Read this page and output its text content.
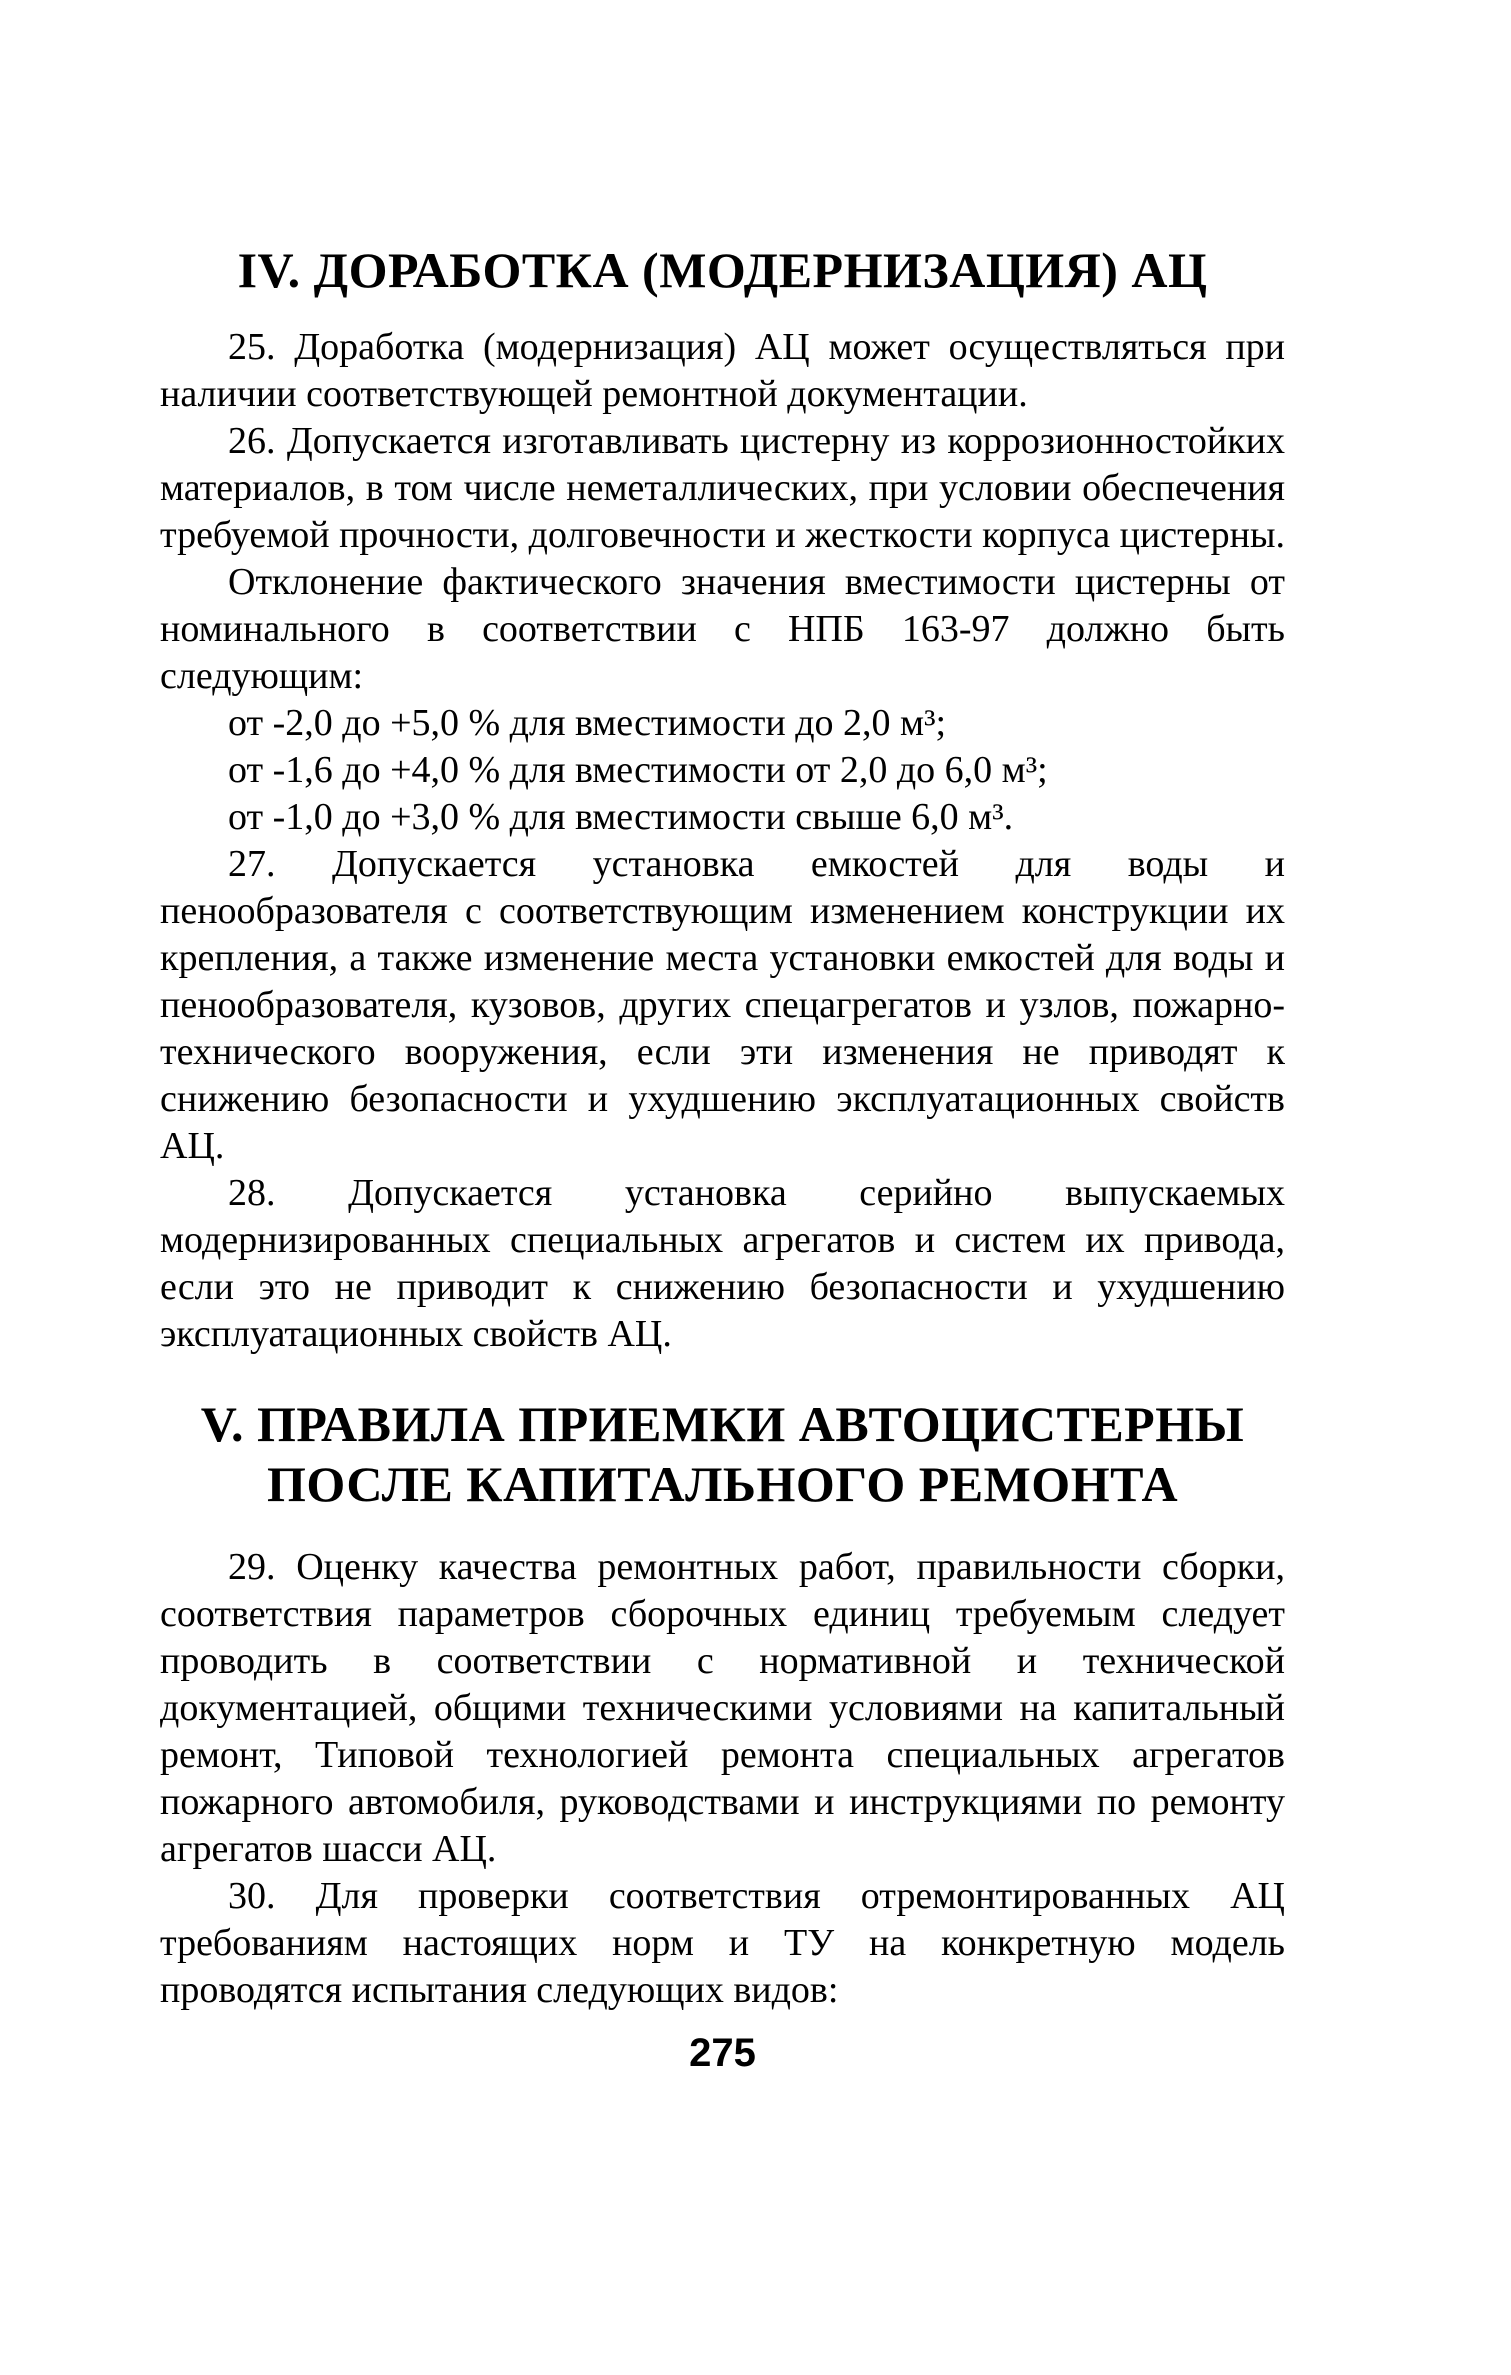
IV. ДОРАБОТКА (МОДЕРНИЗАЦИЯ) АЦ

25. Доработка (модернизация) АЦ может осуществляться при наличии соответствующей ремонтной документации.

26. Допускается изготавливать цистерну из коррозионностойких материалов, в том числе неметаллических, при условии обеспечения требуемой прочности, долговечности и жесткости корпуса цистерны.

Отклонение фактического значения вместимости цистерны от номинального в соответствии с НПБ 163-97 должно быть следующим:

от -2,0 до +5,0 % для вместимости до 2,0 м³;

от -1,6 до +4,0 % для вместимости от 2,0 до 6,0 м³;

от -1,0 до +3,0 % для вместимости свыше 6,0 м³.

27. Допускается установка емкостей для воды и пенообразователя с соответствующим изменением конструкции их крепления, а также изменение места установки емкостей для воды и пенообразователя, кузовов, других спецагрегатов и узлов, пожарно-технического вооружения, если эти изменения не приводят к снижению безопасности и ухудшению эксплуатационных свойств АЦ.

28. Допускается установка серийно выпускаемых модернизированных специальных агрегатов и систем их привода, если это не приводит к снижению безопасности и ухудшению эксплуатационных свойств АЦ.

V. ПРАВИЛА ПРИЕМКИ АВТОЦИСТЕРНЫ
ПОСЛЕ КАПИТАЛЬНОГО РЕМОНТА

29. Оценку качества ремонтных работ, правильности сборки, соответствия параметров сборочных единиц требуемым следует проводить в соответствии с нормативной и технической документацией, общими техническими условиями на капитальный ремонт, Типовой технологией ремонта специальных агрегатов пожарного автомобиля, руководствами и инструкциями по ремонту агрегатов шасси АЦ.

30. Для проверки соответствия отремонтированных АЦ требованиям настоящих норм и ТУ на конкретную модель проводятся испытания следующих видов:

275
